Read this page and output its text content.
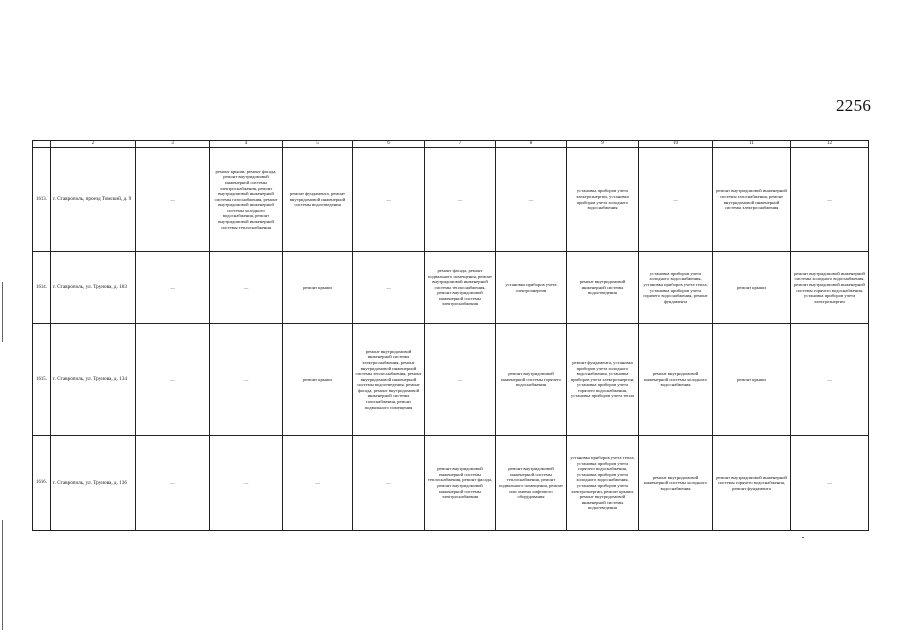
2256
	2	3	4	5	6	7	8	9	10	11	12
1613.	г. Ставрополь, проезд Томский, д. 9	—	ремонт крыши, ремонт фасада, ремонт внутридомовой инженерной системы электроснабжения, ремонт внутридомовой инженерной системы газоснабжения, ремонт внутридомовой инженерной системы холодного водоснабжения, ремонт внутридомовой инженерной системы теплоснабжения	ремонт фундамента, ремонт внутридомовой инженерной системы водоотведения	—	—	—	установка приборов учета электроэнергии, установка приборов учета холодного водоснабжения	—	ремонт внутридомовой инженерной системы газоснабжения, ремонт внутридомовой инженерной системы электроснабжения	—
1614.	г. Ставрополь, ул. Трунова, д. 103	—	—	ремонт крыши	—	ремонт фасада, ремонт подвального помещения, ремонт внутридомовой инженерной системы теплоснабжения, ремонт внутридомовой инженерной системы электроснабжения	установка приборов учета электроэнергии	ремонт внутридомовой инженерной системы водоотведения	установка приборов учета холодного водоснабжения, установка приборов учета тепла, установка приборов учета горячего водоснабжения, ремонт фундамента	ремонт крыши	ремонт внутридомовой инженерной системы холодного водоснабжения, ремонт внутридомовой инженерной системы горячего водоснабжения, установка приборов учета электроэнергии
1615.	г. Ставрополь, ул. Трунова, д. 134	—	—	ремонт крыши	ремонт внутридомовой инженерной системы электроснабжения, ремонт внутридомовой инженерной системы теплоснабжения, ремонт внутридомовой инженерной системы водоотведения, ремонт фасада, ремонт внутридомовой инженерной системы газоснабжения, ремонт подвального помещения	—	ремонт внутридомовой инженерной системы горячего водоснабжения	ремонт фундамента, установка приборов учета холодного водоснабжения, установка приборов учета электроэнергии, установка приборов учета горячего водоснабжения, установка приборов учета тепла	ремонт внутридомовой инженерной системы холодного водоснабжения	ремонт крыши	—
1616.	г. Ставрополь, ул. Трунова, д. 136	—	—	—	—	ремонт внутридомовой инженерной системы теплоснабжения, ремонт фасада, ремонт внутридомовой инженерной системы электроснабжения	ремонт внутридомовой инженерной системы теплоснабжения, ремонт подвального помещения, ремонт или замена лифтового оборудования	установка приборов учета тепла, установка приборов учета горячего водоснабжения, установка приборов учета холодного водоснабжения, установка приборов учета электроэнергии, ремонт крыши, ремонт внутридомовой инженерной системы водоотведения	ремонт внутридомовой инженерной системы холодного водоснабжения	ремонт внутридомовой инженерной системы горячего водоснабжения, ремонт фундамента	—
